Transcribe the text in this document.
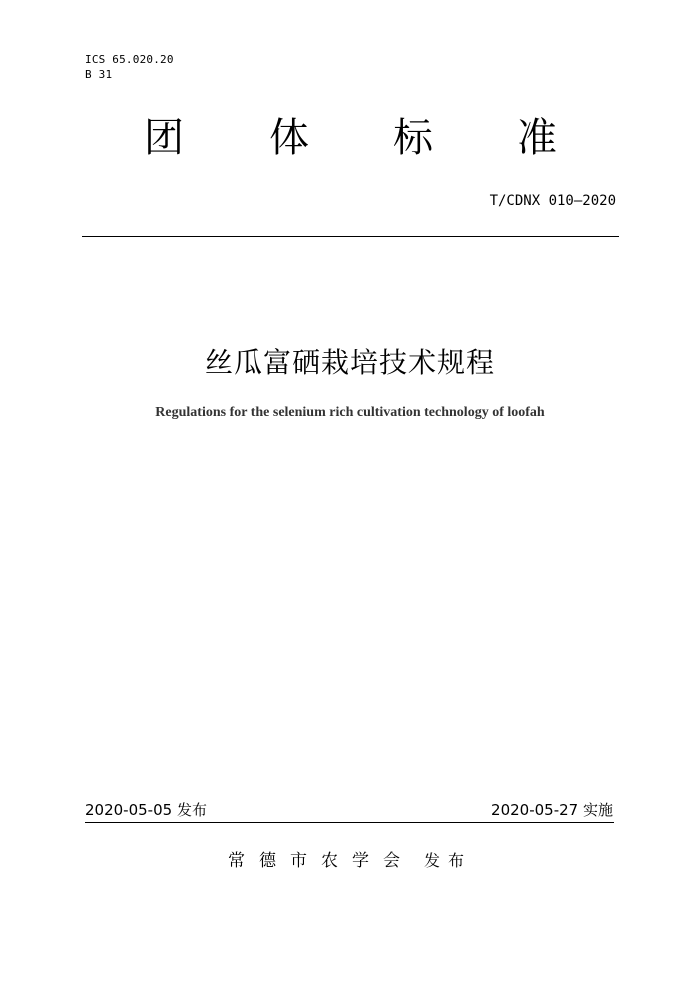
ICS 65.020.20
B 31
团 体 标 准
T/CDNX 010—2020
丝瓜富硒栽培技术规程
Regulations for the selenium rich cultivation technology of loofah
2020-05-05 发布	2020-05-27 实施
常德市农学会 发布
